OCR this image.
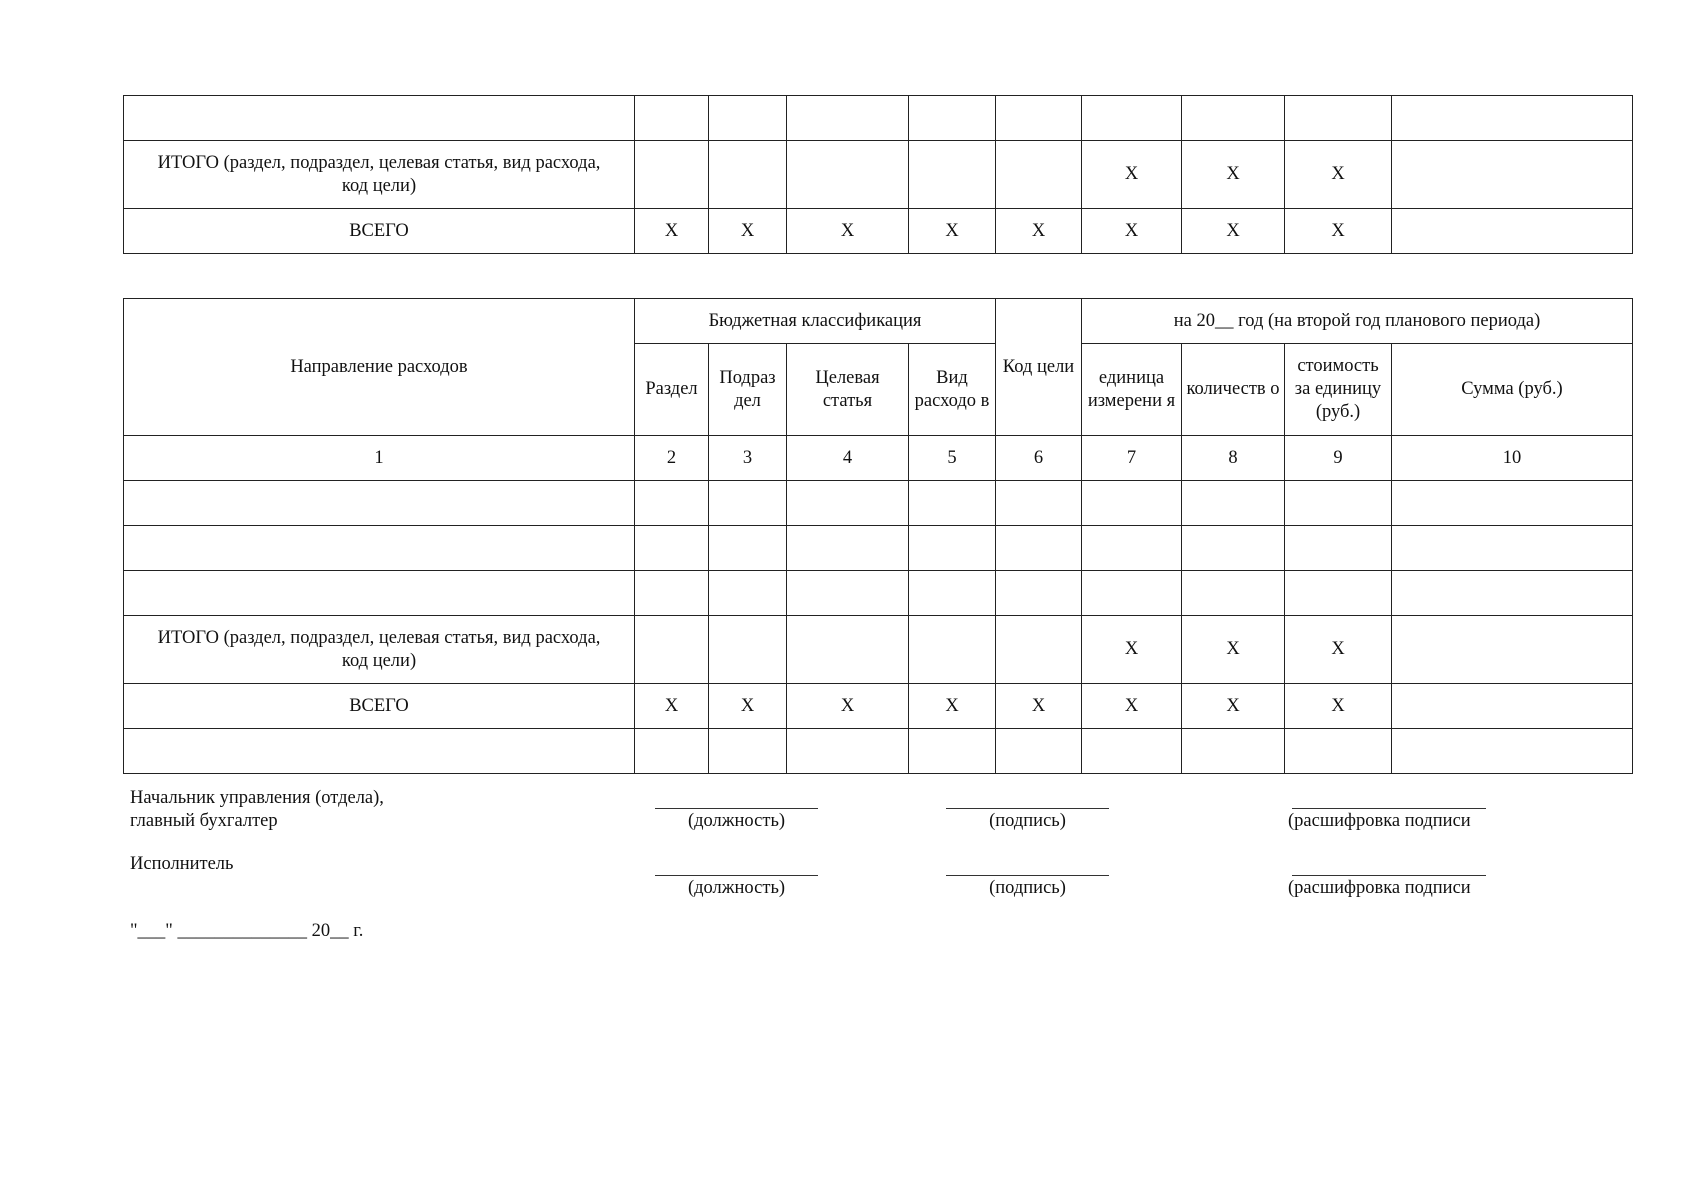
ИТОГО (раздел, подраздел, целевая статья, вид расхода,
код цели)						Х	Х	Х	
ВСЕГО	Х	Х	Х	Х	Х	Х	Х	Х	
Направление расходов	Бюджетная классификация				Код цели	на 20__ год (на второй год планового периода)			
	Раздел	Подраз дел	Целевая статья	Вид расходо в		единица измерени я	количеств о	стоимость за единицу (руб.)	Сумма (руб.)
1	2	3	4	5	6	7	8	9	10

ИТОГО (раздел, подраздел, целевая статья, вид расхода,
код цели)						Х	Х	Х	
ВСЕГО	Х	Х	Х	Х	Х	Х	Х	Х	

Начальник управления (отдела),
главный бухгалтер	(должность)	(подпись)	(расшифровка подписи
Исполнитель
(должность)	(подпись)	(расшифровка подписи
"___" ______________ 20__ г.
